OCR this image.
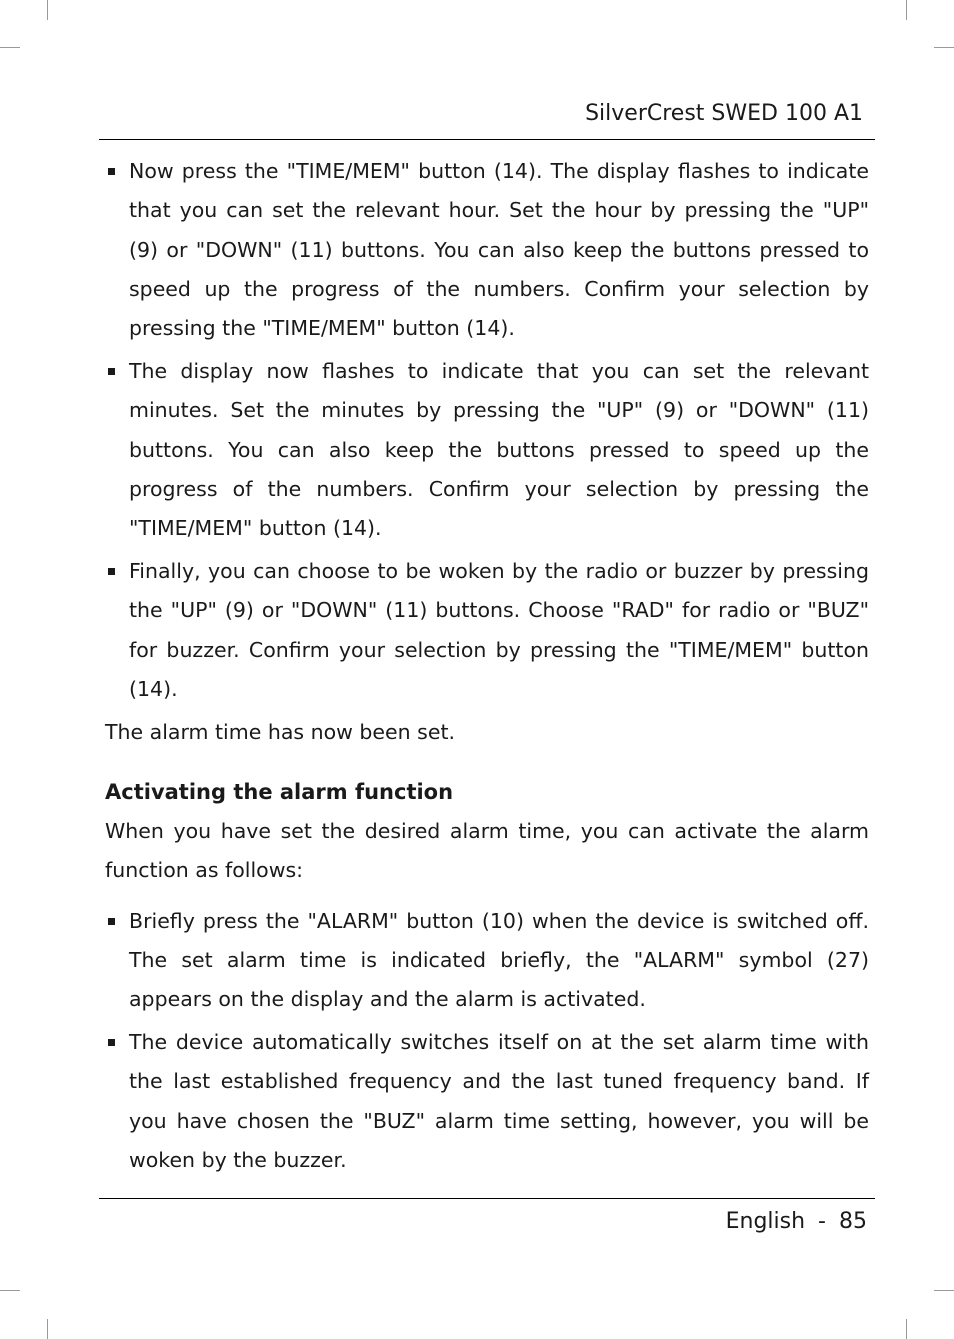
SilverCrest SWED 100 A1
Now press the "TIME/MEM" button (14). The display flashes to indicate that you can set the relevant hour. Set the hour by pressing the "UP" (9) or "DOWN" (11) buttons. You can also keep the buttons pressed to speed up the progress of the numbers. Confirm your selection by pressing the "TIME/MEM" button (14).
The display now flashes to indicate that you can set the relevant minutes. Set the minutes by pressing the "UP" (9) or "DOWN" (11) buttons. You can also keep the buttons pressed to speed up the progress of the numbers. Confirm your selection by pressing the "TIME/MEM" button (14).
Finally, you can choose to be woken by the radio or buzzer by pressing the "UP" (9) or "DOWN" (11) buttons. Choose "RAD" for radio or "BUZ" for buzzer. Confirm your selection by pressing the "TIME/MEM" button (14).

The alarm time has now been set.

Activating the alarm function

When you have set the desired alarm time, you can activate the alarm function as follows:

Briefly press the "ALARM" button (10) when the device is switched off. The set alarm time is indicated briefly, the "ALARM" symbol (27) appears on the display and the alarm is activated.
The device automatically switches itself on at the set alarm time with the last established frequency and the last tuned frequency band. If you have chosen the "BUZ" alarm time setting, however, you will be woken by the buzzer.
English - 85
